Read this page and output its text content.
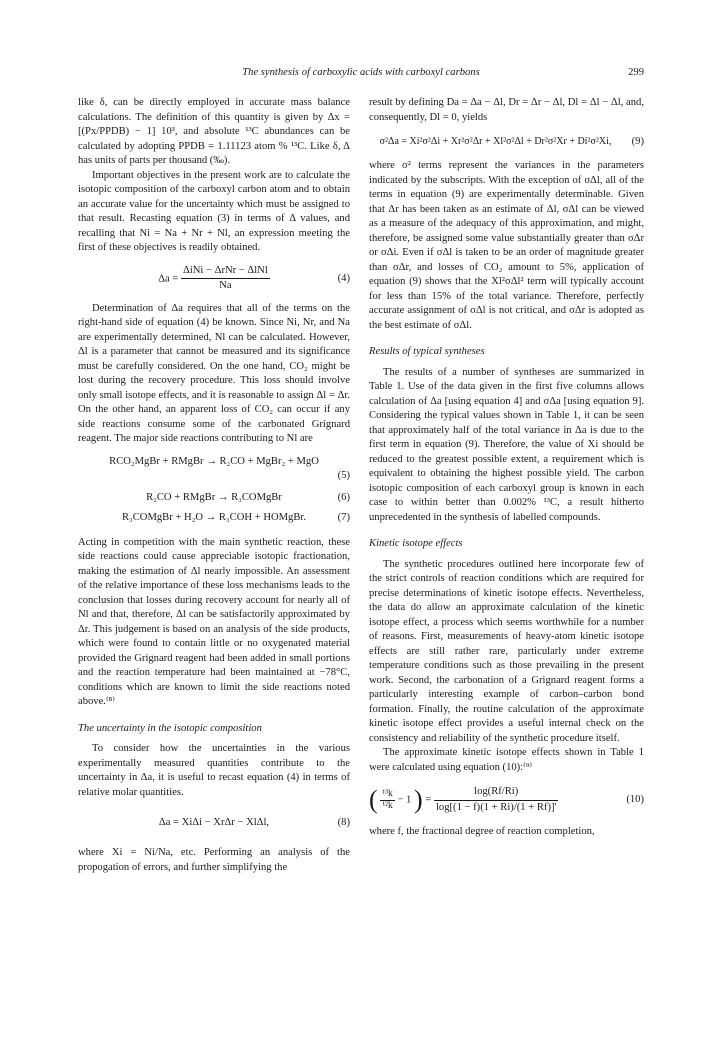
The synthesis of carboxylic acids with carboxyl carbons	299

like δ, can be directly employed in accurate mass balance calculations. The definition of this quantity is given by Δx = [(Px/PPDB) − 1] 10³, and absolute ¹³C abundances can be calculated by adopting PPDB = 1.11123 atom % ¹³C. Like δ, Δ has units of parts per thousand (‰).

Important objectives in the present work are to calculate the isotopic composition of the carboxyl carbon atom and to obtain an accurate value for the uncertainty which must be assigned to that result. Recasting equation (3) in terms of Δ values, and recalling that Ni = Na + Nr + Nl, an expression meeting the first of these objectives is readily obtained.

$\Delta a = \frac{\text{ΔiNi − ΔrNr − ΔlNl}}{Na}$	(4)

Determination of Δa requires that all of the terms on the right-hand side of equation (4) be known. Since Ni, Nr, and Na are experimentally determined, Nl can be calculated. However, Δl is a parameter that cannot be measured and its significance must be carefully considered. On the one hand, CO₂ might be lost during the recovery procedure. This loss should involve only small isotope effects, and it is reasonable to assign Δl = Δr. On the other hand, an apparent loss of CO₂ can occur if any side reactions consume some of the carbonated Grignard reagent. The major side reactions contributing to Nl are

RCO₂MgBr + RMgBr → R₂CO + MgBr₂ + MgO
(5)
R₂CO + RMgBr → R₃COMgBr	(6)
R₃COMgBr + H₂O → R₃COH + HOMgBr.	(7)

Acting in competition with the main synthetic reaction, these side reactions could cause appreciable isotopic fractionation, making the estimation of Δl nearly impossible. An assessment of the relative importance of these loss mechanisms leads to the conclusion that losses during recovery account for nearly all of Nl and that, therefore, Δl can be satisfactorily approximated by Δr. This judgement is based on an analysis of the side products, which were found to contain little or no oxygenated material provided the Grignard reagent had been added in small portions and the reaction temperature had been maintained at −78°C, conditions which are known to limit the side reactions noted above.⁽⁸⁾

The uncertainty in the isotopic composition

To consider how the uncertainties in the various experimentally measured quantities contribute to the uncertainty in Δa, it is useful to recast equation (4) in terms of relative molar quantities.

Δa = XiΔi − XrΔr − XlΔl,	(8)

where Xi = Ni/Na, etc. Performing an analysis of the propogation of errors, and further simplifying the

result by defining Da = Δa − Δl, Dr = Δr − Δl, Dl = Δl − Δl, and, consequently, Dl = 0, yields

σ²Δa = Xi²σ²Δi + Xr²σ²Δr + Xl²σ²Δl + Dr²σ²Xr + Di²σ²Xi,	(9)

where σ² terms represent the variances in the parameters indicated by the subscripts. With the exception of σΔl, all of the terms in equation (9) are experimentally determinable. Given that Δr has been taken as an estimate of Δl, σΔl can be viewed as a measure of the adequacy of this approximation, and might, therefore, be assigned some value substantially greater than σΔr or σΔi. Even if σΔl is taken to be an order of magnitude greater than σΔr, and losses of CO₂ amount to 5%, application of equation (9) shows that the Xl²σΔl² term will typically account for less than 15% of the total variance. Therefore, perfectly accurate assignment of σΔl is not critical, and σΔr is adopted as the best estimate of σΔl.

Results of typical syntheses

The results of a number of syntheses are summarized in Table 1. Use of the data given in the first five columns allows calculation of Δa [using equation 4] and σΔa [using equation 9]. Considering the typical values shown in Table 1, it can be seen that approximately half of the total variance in Δa is due to the first term in equation (9). Therefore, the value of Xi should be reduced to the greatest possible extent, a requirement which is equivalent to obtaining the highest possible yield. The carbon isotopic composition of each carboxyl group is known in each case to within better than 0.002% ¹³C, a result hitherto unprecedented in the synthesis of labelled compounds.

Kinetic isotope effects

The synthetic procedures outlined here incorporate few of the strict controls of reaction conditions which are required for precise determinations of kinetic isotope effects. Nevertheless, the data do allow an approximate calculation of the kinetic isotope effect, a process which seems worthwhile for a number of reasons. First, measurements of heavy-atom kinetic isotope effects are still rather rare, particularly under extreme temperature conditions such as those prevailing in the present work. Second, the carbonation of a Grignard reagent forms a particularly interesting example of carbon–carbon bond formation. Finally, the routine calculation of the approximate kinetic isotope effect provides a useful internal check on the consistency and reliability of the synthetic procedure itself.

The approximate kinetic isotope effects shown in Table 1 were calculated using equation (10):⁽⁹⁾

( $\frac{\text{¹³k}}{\text{¹²k}} - 1$ ) = $\frac{\log(Rf/Ri)}{\log[(1 - f)(1 + Ri)/(1 + Rf)]'}$	(10)

where f, the fractional degree of reaction completion,
